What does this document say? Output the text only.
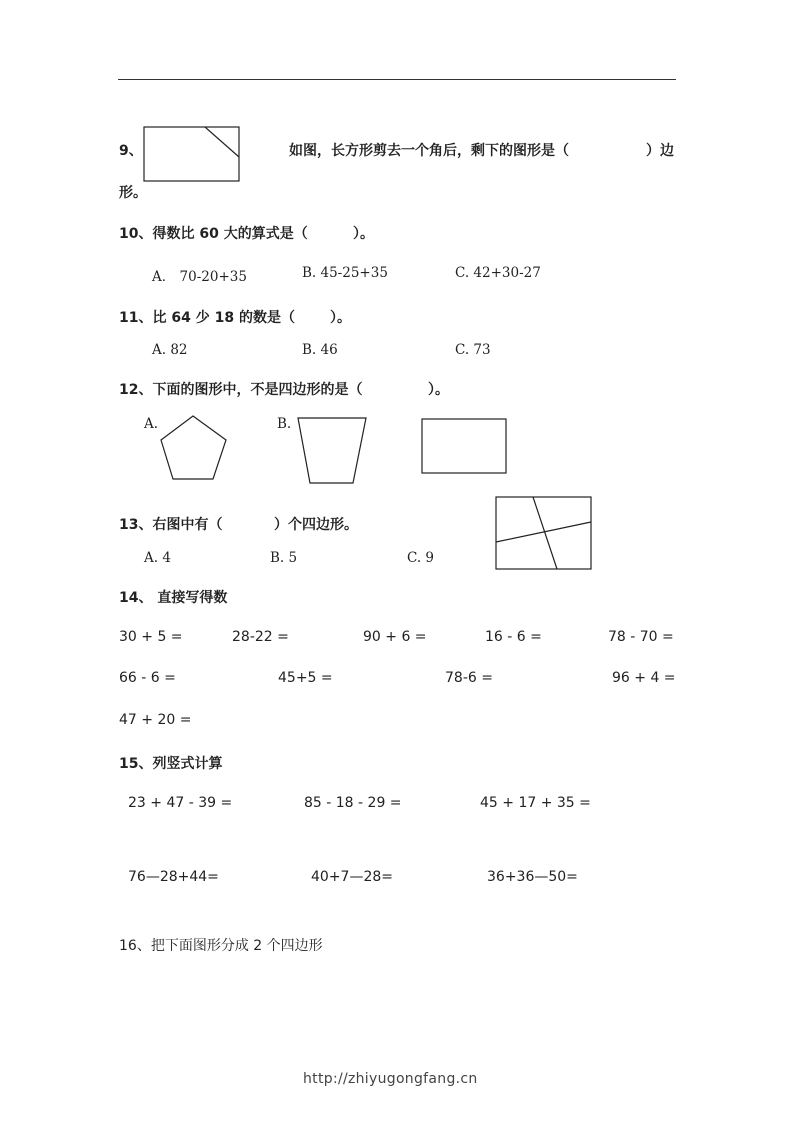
9、	如图，长方形剪去一个角后，剩下的图形是（	）边
形。
10、得数比 60 大的算式是（	）。
A． 70-20+35	B. 45-25+35	C. 42+30-27
11、比 64 少 18 的数是（	）。
A. 82	B. 46	C. 73
12、下面的图形中，不是四边形的是（	）。
A.	B.
13、右图中有（	）个四边形。
A. 4	B. 5	C. 9
14、 直接写得数
30 + 5 =	28-22 =	90 + 6 =	16 - 6 =	78 - 70 =
66 - 6 =	45+5 =	78-6 =	96 + 4 =
47 + 20 =
15、列竖式计算
23 + 47 - 39 =	85 - 18 - 29 =	45 + 17 + 35 =
76—28+44=	40+7—28=	36+36—50=
16、把下面图形分成 2 个四边形
http://zhiyugongfang.cn
